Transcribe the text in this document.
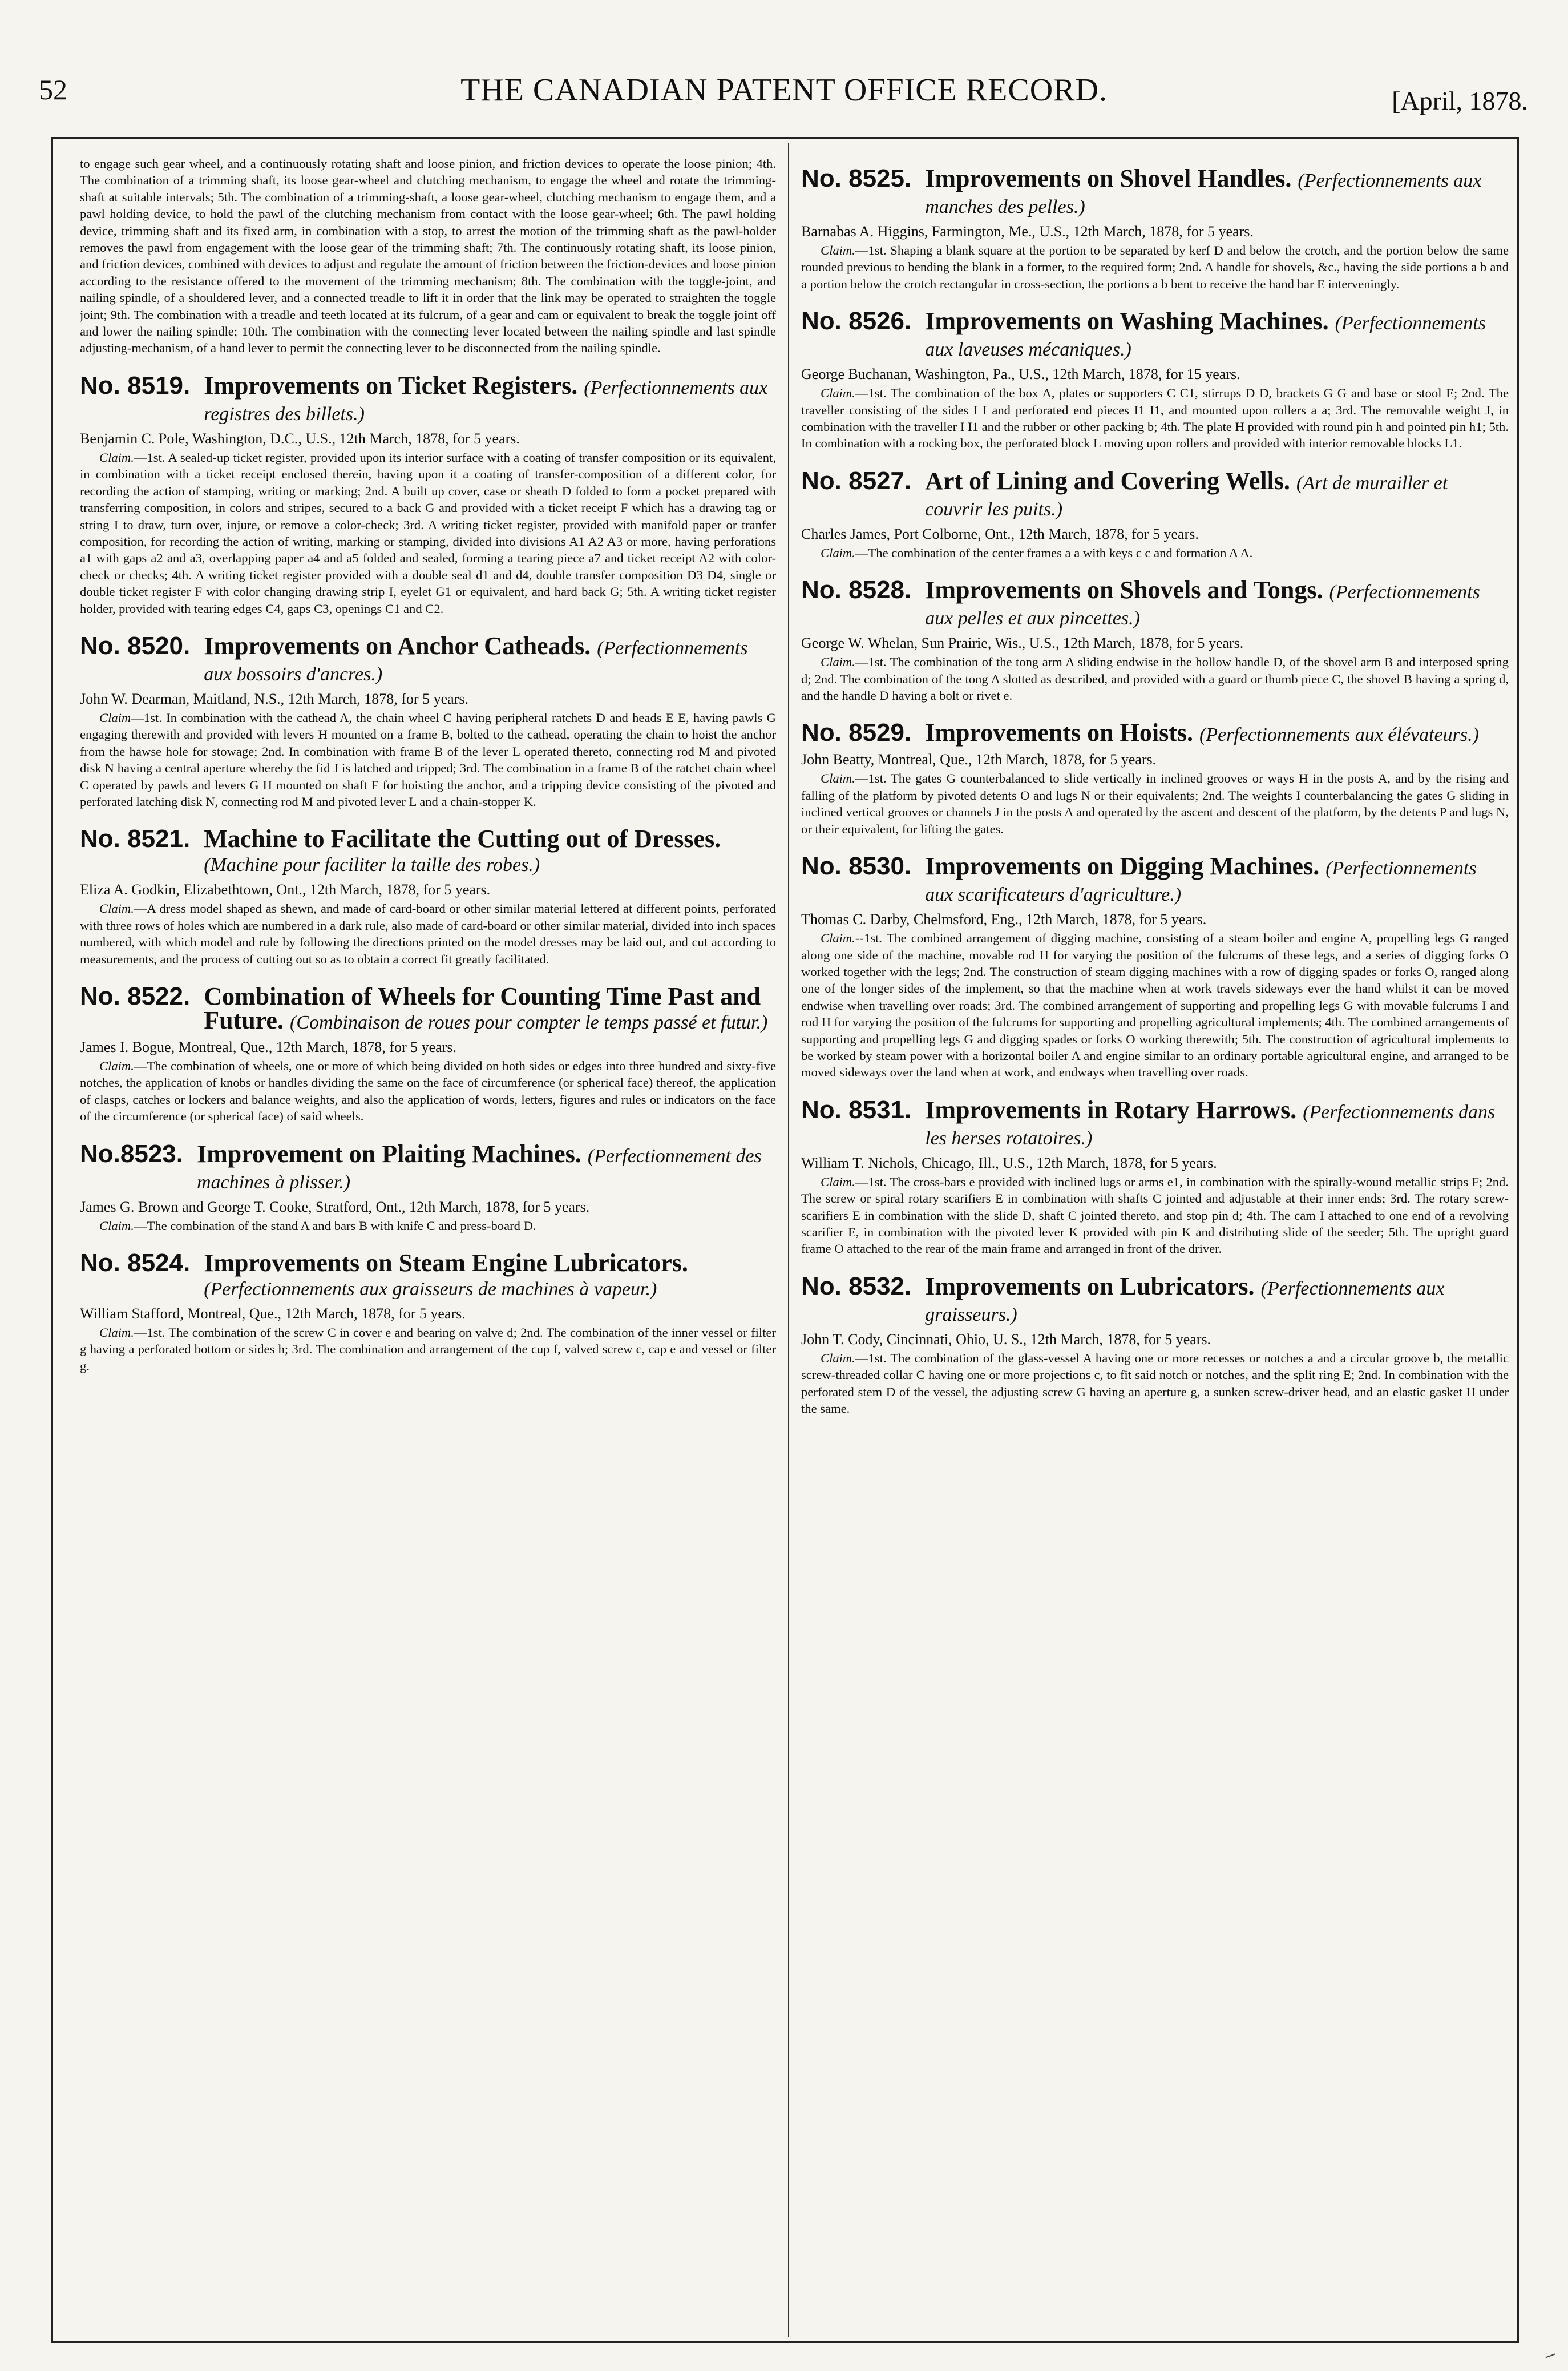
52	THE CANADIAN PATENT OFFICE RECORD.	[April, 1878.

to engage such gear wheel, and a continuously rotating shaft and loose pinion, and friction devices to operate the loose pinion; 4th. The combination of a trimming shaft, its loose gear-wheel and clutching mechanism, to engage the wheel and rotate the trimming-shaft at suitable intervals; 5th. The combination of a trimming-shaft, a loose gear-wheel, clutching mechanism to engage them, and a pawl holding device, to hold the pawl of the clutching mechanism from contact with the loose gear-wheel; 6th. The pawl holding device, trimming shaft and its fixed arm, in combination with a stop, to arrest the motion of the trimming shaft as the pawl-holder removes the pawl from engagement with the loose gear of the trimming shaft; 7th. The continuously rotating shaft, its loose pinion, and friction devices, combined with devices to adjust and regulate the amount of friction between the friction-devices and loose pinion according to the resistance offered to the movement of the trimming mechanism; 8th. The combination with the toggle-joint, and nailing spindle, of a shouldered lever, and a connected treadle to lift it in order that the link may be operated to straighten the toggle joint; 9th. The combination with a treadle and teeth located at its fulcrum, of a gear and cam or equivalent to break the toggle joint off and lower the nailing spindle; 10th. The combination with the connecting lever located between the nailing spindle and last spindle adjusting-mechanism, of a hand lever to permit the connecting lever to be disconnected from the nailing spindle.

No. 8519. Improvements on Ticket Registers. (Perfectionnements aux registres des billets.)

Benjamin C. Pole, Washington, D.C., U.S., 12th March, 1878, for 5 years.

Claim.—1st. A sealed-up ticket register, provided upon its interior surface with a coating of transfer composition or its equivalent, in combination with a ticket receipt enclosed therein, having upon it a coating of transfer-composition of a different color, for recording the action of stamping, writing or marking; 2nd. A built up cover, case or sheath D folded to form a pocket prepared with transferring composition, in colors and stripes, secured to a back G and provided with a ticket receipt F which has a drawing tag or string I to draw, turn over, injure, or remove a color-check; 3rd. A writing ticket register, provided with manifold paper or tranfer composition, for recording the action of writing, marking or stamping, divided into divisions A1 A2 A3 or more, having perforations a1 with gaps a2 and a3, overlapping paper a4 and a5 folded and sealed, forming a tearing piece a7 and ticket receipt A2 with color-check or checks; 4th. A writing ticket register provided with a double seal d1 and d4, double transfer composition D3 D4, single or double ticket register F with color changing drawing strip I, eyelet G1 or equivalent, and hard back G; 5th. A writing ticket register holder, provided with tearing edges C4, gaps C3, openings C1 and C2.

No. 8520. Improvements on Anchor Catheads. (Perfectionnements aux bossoirs d'ancres.)

John W. Dearman, Maitland, N.S., 12th March, 1878, for 5 years.

Claim—1st. In combination with the cathead A, the chain wheel C having peripheral ratchets D and heads E E, having pawls G engaging therewith and provided with levers H mounted on a frame B, bolted to the cathead, operating the chain to hoist the anchor from the hawse hole for stowage; 2nd. In combination with frame B of the lever L operated thereto, connecting rod M and pivoted disk N having a central aperture whereby the fid J is latched and tripped; 3rd. The combination in a frame B of the ratchet chain wheel C operated by pawls and levers G H mounted on shaft F for hoisting the anchor, and a tripping device consisting of the pivoted and perforated latching disk N, connecting rod M and pivoted lever L and a chain-stopper K.

No. 8521. Machine to Facilitate the Cutting out of Dresses. (Machine pour faciliter la taille des robes.)

Eliza A. Godkin, Elizabethtown, Ont., 12th March, 1878, for 5 years.

Claim.—A dress model shaped as shewn, and made of card-board or other similar material lettered at different points, perforated with three rows of holes which are numbered in a dark rule, also made of card-board or other similar material, divided into inch spaces numbered, with which model and rule by following the directions printed on the model dresses may be laid out, and cut according to measurements, and the process of cutting out so as to obtain a correct fit greatly facilitated.

No. 8522. Combination of Wheels for Counting Time Past and Future. (Combinaison de roues pour compter le temps passé et futur.)

James I. Bogue, Montreal, Que., 12th March, 1878, for 5 years.

Claim.—The combination of wheels, one or more of which being divided on both sides or edges into three hundred and sixty-five notches, the application of knobs or handles dividing the same on the face of circumference (or spherical face) thereof, the application of clasps, catches or lockers and balance weights, and also the application of words, letters, figures and rules or indicators on the face of the circumference (or spherical face) of said wheels.

No.8523. Improvement on Plaiting Machines. (Perfectionnement des machines à plisser.)

James G. Brown and George T. Cooke, Stratford, Ont., 12th March, 1878, for 5 years.

Claim.—The combination of the stand A and bars B with knife C and press-board D.

No. 8524. Improvements on Steam Engine Lubricators. (Perfectionnements aux graisseurs de machines à vapeur.)

William Stafford, Montreal, Que., 12th March, 1878, for 5 years.

Claim.—1st. The combination of the screw C in cover e and bearing on valve d; 2nd. The combination of the inner vessel or filter g having a perforated bottom or sides h; 3rd. The combination and arrangement of the cup f, valved screw c, cap e and vessel or filter g.

No. 8525. Improvements on Shovel Handles. (Perfectionnements aux manches des pelles.)

Barnabas A. Higgins, Farmington, Me., U.S., 12th March, 1878, for 5 years.

Claim.—1st. Shaping a blank square at the portion to be separated by kerf D and below the crotch, and the portion below the same rounded previous to bending the blank in a former, to the required form; 2nd. A handle for shovels, &c., having the side portions a b and a portion below the crotch rectangular in cross-section, the portions a b bent to receive the hand bar E interveningly.

No. 8526. Improvements on Washing Machines. (Perfectionnements aux laveuses mécaniques.)

George Buchanan, Washington, Pa., U.S., 12th March, 1878, for 15 years.

Claim.—1st. The combination of the box A, plates or supporters C C1, stirrups D D, brackets G G and base or stool E; 2nd. The traveller consisting of the sides I I and perforated end pieces I1 I1, and mounted upon rollers a a; 3rd. The removable weight J, in combination with the traveller I I1 and the rubber or other packing b; 4th. The plate H provided with round pin h and pointed pin h1; 5th. In combination with a rocking box, the perforated block L moving upon rollers and provided with interior removable blocks L1.

No. 8527. Art of Lining and Covering Wells. (Art de murailler et couvrir les puits.)

Charles James, Port Colborne, Ont., 12th March, 1878, for 5 years.

Claim.—The combination of the center frames a a with keys c c and formation A A.

No. 8528. Improvements on Shovels and Tongs. (Perfectionnements aux pelles et aux pincettes.)

George W. Whelan, Sun Prairie, Wis., U.S., 12th March, 1878, for 5 years.

Claim.—1st. The combination of the tong arm A sliding endwise in the hollow handle D, of the shovel arm B and interposed spring d; 2nd. The combination of the tong A slotted as described, and provided with a guard or thumb piece C, the shovel B having a spring d, and the handle D having a bolt or rivet e.

No. 8529. Improvements on Hoists. (Perfectionnements aux élévateurs.)

John Beatty, Montreal, Que., 12th March, 1878, for 5 years.

Claim.—1st. The gates G counterbalanced to slide vertically in inclined grooves or ways H in the posts A, and by the rising and falling of the platform by pivoted detents O and lugs N or their equivalents; 2nd. The weights I counterbalancing the gates G sliding in inclined vertical grooves or channels J in the posts A and operated by the ascent and descent of the platform, by the detents P and lugs N, or their equivalent, for lifting the gates.

No. 8530. Improvements on Digging Machines. (Perfectionnements aux scarificateurs d'agriculture.)

Thomas C. Darby, Chelmsford, Eng., 12th March, 1878, for 5 years.

Claim.--1st. The combined arrangement of digging machine, consisting of a steam boiler and engine A, propelling legs G ranged along one side of the machine, movable rod H for varying the position of the fulcrums of these legs, and a series of digging forks O worked together with the legs; 2nd. The construction of steam digging machines with a row of digging spades or forks O, ranged along one of the longer sides of the implement, so that the machine when at work travels sideways ever the hand whilst it can be moved endwise when travelling over roads; 3rd. The combined arrangement of supporting and propelling legs G with movable fulcrums I and rod H for varying the position of the fulcrums for supporting and propelling agricultural implements; 4th. The combined arrangements of supporting and propelling legs G and digging spades or forks O working therewith; 5th. The construction of agricultural implements to be worked by steam power with a horizontal boiler A and engine similar to an ordinary portable agricultural engine, and arranged to be moved sideways over the land when at work, and endways when travelling over roads.

No. 8531. Improvements in Rotary Harrows. (Perfectionnements dans les herses rotatoires.)

William T. Nichols, Chicago, Ill., U.S., 12th March, 1878, for 5 years.

Claim.—1st. The cross-bars e provided with inclined lugs or arms e1, in combination with the spirally-wound metallic strips F; 2nd. The screw or spiral rotary scarifiers E in combination with shafts C jointed and adjustable at their inner ends; 3rd. The rotary screw-scarifiers E in combination with the slide D, shaft C jointed thereto, and stop pin d; 4th. The cam I attached to one end of a revolving scarifier E, in combination with the pivoted lever K provided with pin K and distributing slide of the seeder; 5th. The upright guard frame O attached to the rear of the main frame and arranged in front of the driver.

No. 8532. Improvements on Lubricators. (Perfectionnements aux graisseurs.)

John T. Cody, Cincinnati, Ohio, U. S., 12th March, 1878, for 5 years.

Claim.—1st. The combination of the glass-vessel A having one or more recesses or notches a and a circular groove b, the metallic screw-threaded collar C having one or more projections c, to fit said notch or notches, and the split ring E; 2nd. In combination with the perforated stem D of the vessel, the adjusting screw G having an aperture g, a sunken screw-driver head, and an elastic gasket H under the same.
